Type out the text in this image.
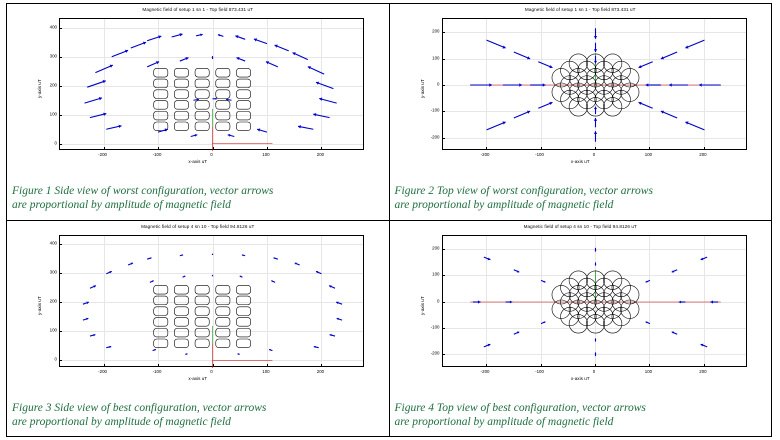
Magnetic field of setup 1 sn 1 - Top field 873.431 uT
-200	-100	0	100	200
0
100
200
300
400
x-axis uT
y-axis uT
Figure 1 Side view of worst configuration, vector arrows
are proportional by amplitude of magnetic field

Magnetic field of setup 1 sn 1 - Top field 873.431 uT
-200	-100	0	100	200
-200
-100
0
100
200
x-axis uT
y-axis uT
Figure 2 Top view of worst configuration, vector arrows
are proportional by amplitude of magnetic field

Magnetic field of setup 4 sn 10 - Top field 94.8126 uT
-200	-100	0	100	200
0
100
200
300
400
x-axis uT
y-axis uT
Figure 3 Side view of best configuration, vector arrows
are proportional by amplitude of magnetic field

Magnetic field of setup 4 sn 10 - Top field 94.8126 uT
-200	-100	0	100	200
-200
-100
0
100
200
x-axis uT
y-axis uT
Figure 4 Top view of best configuration, vector arrows
are proportional by amplitude of magnetic field
